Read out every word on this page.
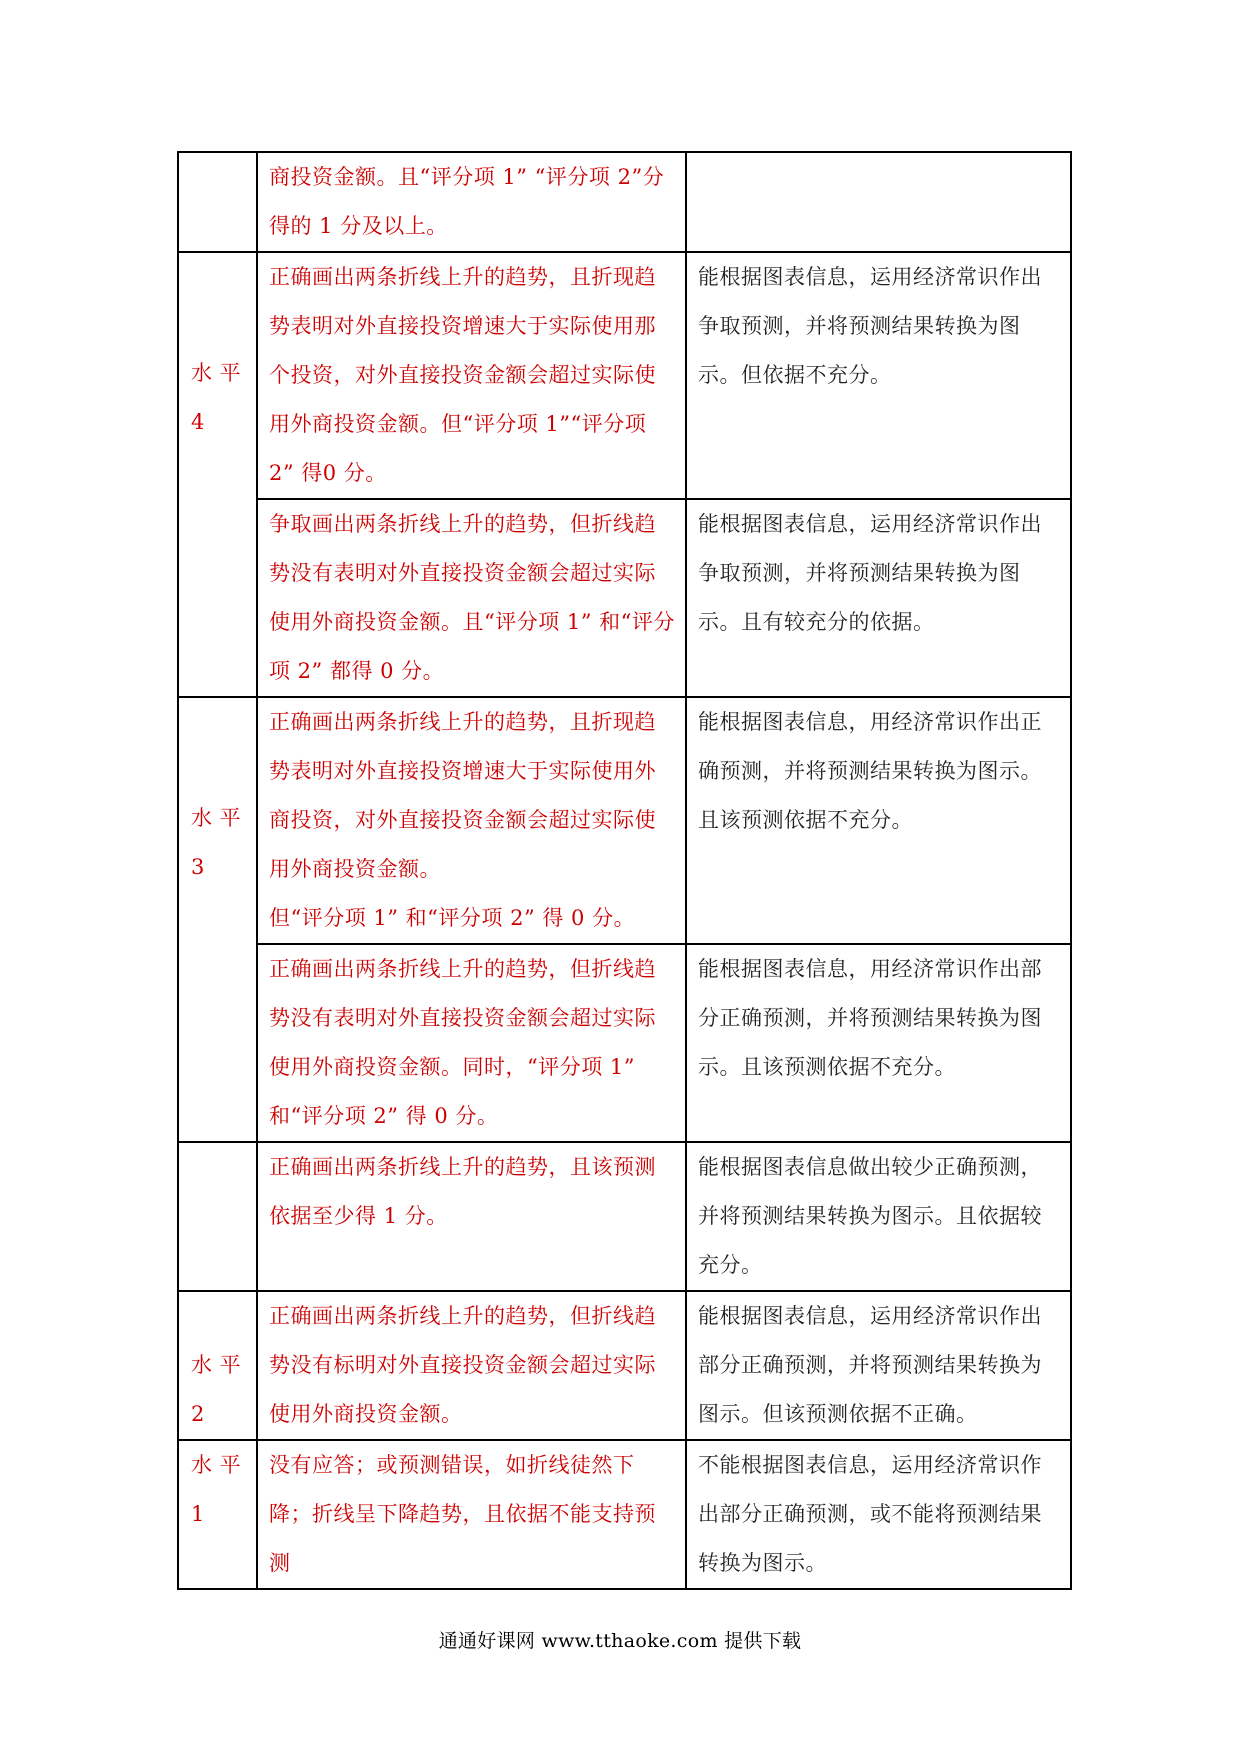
	商投资金额。且“评分项 1” “评分项 2”分得的 1 分及以上。	
水 平 4	正确画出两条折线上升的趋势，且折现趋势表明对外直接投资增速大于实际使用那个投资，对外直接投资金额会超过实际使用外商投资金额。但“评分项 1”“评分项 2” 得0 分。	能根据图表信息，运用经济常识作出争取预测，并将预测结果转换为图示。但依据不充分。
	争取画出两条折线上升的趋势，但折线趋势没有表明对外直接投资金额会超过实际使用外商投资金额。且“评分项 1” 和“评分项 2” 都得 0 分。	能根据图表信息，运用经济常识作出争取预测，并将预测结果转换为图示。且有较充分的依据。
水 平 3	正确画出两条折线上升的趋势，且折现趋势表明对外直接投资增速大于实际使用外商投资，对外直接投资金额会超过实际使用外商投资金额。
但“评分项 1” 和“评分项 2” 得 0 分。	能根据图表信息，用经济常识作出正确预测，并将预测结果转换为图示。且该预测依据不充分。
	正确画出两条折线上升的趋势，但折线趋势没有表明对外直接投资金额会超过实际使用外商投资金额。同时，“评分项 1” 和“评分项 2” 得 0 分。	能根据图表信息，用经济常识作出部分正确预测，并将预测结果转换为图示。且该预测依据不充分。
	正确画出两条折线上升的趋势，且该预测依据至少得 1 分。	能根据图表信息做出较少正确预测，并将预测结果转换为图示。且依据较充分。
水 平 2	正确画出两条折线上升的趋势，但折线趋势没有标明对外直接投资金额会超过实际使用外商投资金额。	能根据图表信息，运用经济常识作出部分正确预测，并将预测结果转换为图示。但该预测依据不正确。
水 平 1	没有应答；或预测错误，如折线徒然下降；折线呈下降趋势，且依据不能支持预测	不能根据图表信息，运用经济常识作出部分正确预测，或不能将预测结果转换为图示。
通通好课网 www.tthaoke.com 提供下载
